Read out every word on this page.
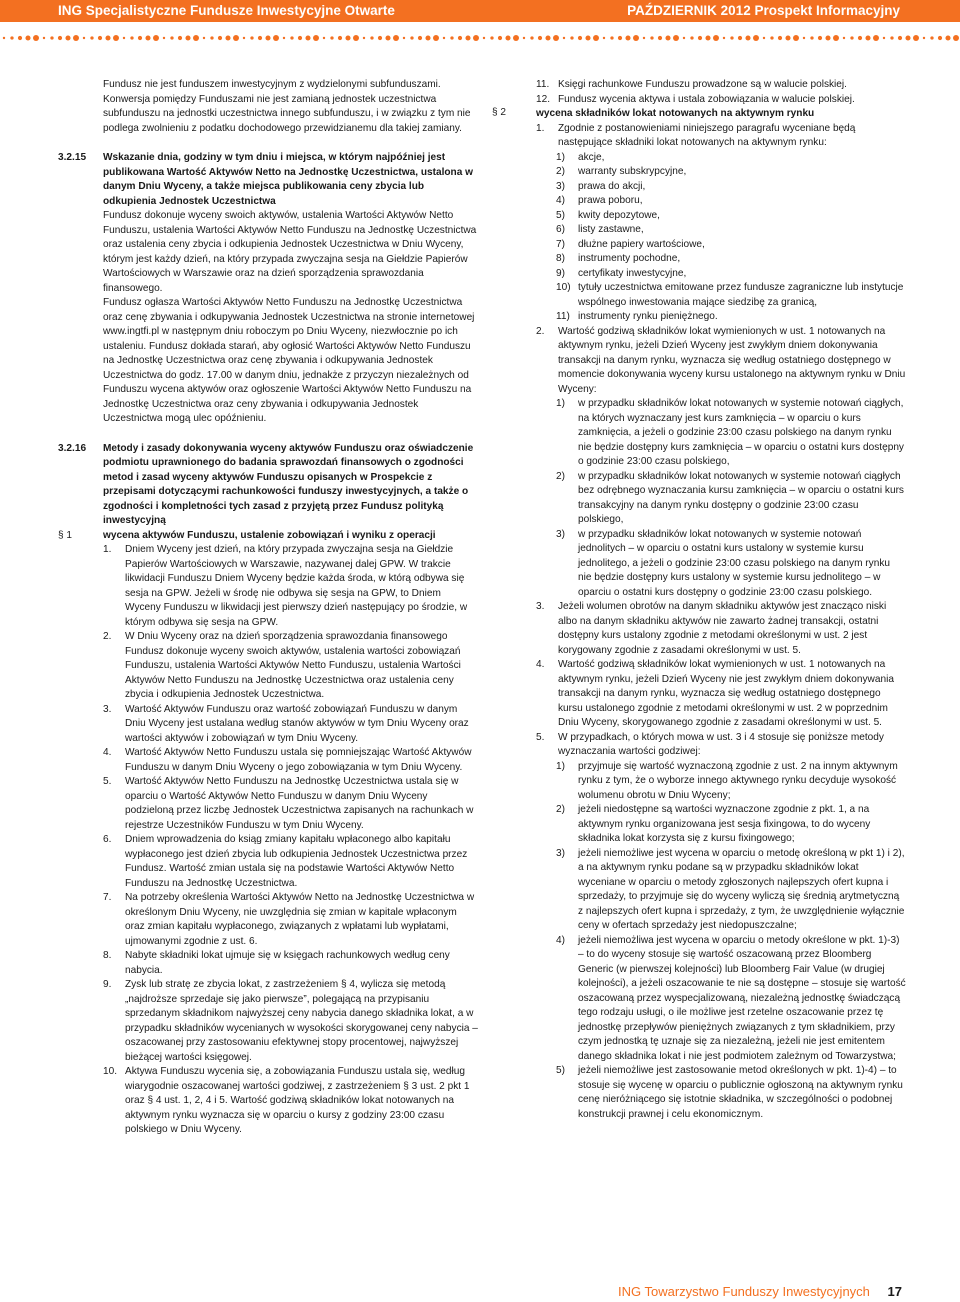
ING Specjalistyczne Fundusze Inwestycyjne Otwarte	PAŹDZIERNIK 2012 Prospekt Informacyjny
Fundusz nie jest funduszem inwestycyjnym z wydzielonymi subfunduszami. Konwersja pomiędzy Funduszami nie jest zamianą jednostek uczestnictwa subfunduszu na jednostki uczestnictwa innego subfunduszu, i w związku z tym nie podlega zwolnieniu z podatku dochodowego przewidzianemu dla takiej zamiany.
3.2.15	Wskazanie dnia, godziny w tym dniu i miejsca, w którym najpóźniej jest publikowana Wartość Aktywów Netto na Jednostkę Uczestnictwa, ustalona w danym Dniu Wyceny, a także miejsca publikowania ceny zbycia lub odkupienia Jednostek Uczestnictwa
Fundusz dokonuje wyceny swoich aktywów, ustalenia Wartości Aktywów Netto Funduszu, ustalenia Wartości Aktywów Netto Funduszu na Jednostkę Uczestnictwa oraz ustalenia ceny zbycia i odkupienia Jednostek Uczestnictwa w Dniu Wyceny, którym jest każdy dzień, na który przypada zwyczajna sesja na Giełdzie Papierów Wartościowych w Warszawie oraz na dzień sporządzenia sprawozdania finansowego.
Fundusz ogłasza Wartości Aktywów Netto Funduszu na Jednostkę Uczestnictwa oraz cenę zbywania i odkupywania Jednostek Uczestnictwa na stronie internetowej www.ingtfi.pl w następnym dniu roboczym po Dniu Wyceny, niezwłocznie po ich ustaleniu. Fundusz dokłada starań, aby ogłosić Wartości Aktywów Netto Funduszu na Jednostkę Uczestnictwa oraz cenę zbywania i odkupywania Jednostek Uczestnictwa do godz. 17.00 w danym dniu, jednakże z przyczyn niezależnych od Funduszu wycena aktywów oraz ogłoszenie Wartości Aktywów Netto Funduszu na Jednostkę Uczestnictwa oraz ceny zbywania i odkupywania Jednostek Uczestnictwa mogą ulec opóźnieniu.
3.2.16	Metody i zasady dokonywania wyceny aktywów Funduszu oraz oświadczenie podmiotu uprawnionego do badania sprawozdań finansowych o zgodności metod i zasad wyceny aktywów Funduszu opisanych w Prospekcie z przepisami dotyczącymi rachunkowości funduszy inwestycyjnych, a także o zgodności i kompletności tych zasad z przyjętą przez Fundusz polityką inwestycyjną
§ 1	wycena aktywów Funduszu, ustalenie zobowiązań i wyniku z operacji
1. Dniem Wyceny jest dzień, na który przypada zwyczajna sesja na Giełdzie Papierów Wartościowych w Warszawie, nazywanej dalej GPW. W trakcie likwidacji Funduszu Dniem Wyceny będzie każda środa, w którą odbywa się sesja na GPW. Jeżeli w środę nie odbywa się sesja na GPW, to Dniem Wyceny Funduszu w likwidacji jest pierwszy dzień następujący po środzie, w którym odbywa się sesja na GPW.
2. W Dniu Wyceny oraz na dzień sporządzenia sprawozdania finansowego Fundusz dokonuje wyceny swoich aktywów, ustalenia wartości zobowiązań Funduszu, ustalenia Wartości Aktywów Netto Funduszu, ustalenia Wartości Aktywów Netto Funduszu na Jednostkę Uczestnictwa oraz ustalenia ceny zbycia i odkupienia Jednostek Uczestnictwa.
3. Wartość Aktywów Funduszu oraz wartość zobowiązań Funduszu w danym Dniu Wyceny jest ustalana według stanów aktywów w tym Dniu Wyceny oraz wartości aktywów i zobowiązań w tym Dniu Wyceny.
4. Wartość Aktywów Netto Funduszu ustala się pomniejszając Wartość Aktywów Funduszu w danym Dniu Wyceny o jego zobowiązania w tym Dniu Wyceny.
5. Wartość Aktywów Netto Funduszu na Jednostkę Uczestnictwa ustala się w oparciu o Wartość Aktywów Netto Funduszu w danym Dniu Wyceny podzieloną przez liczbę Jednostek Uczestnictwa zapisanych na rachunkach w rejestrze Uczestników Funduszu w tym Dniu Wyceny.
6. Dniem wprowadzenia do ksiąg zmiany kapitału wpłaconego albo kapitału wypłaconego jest dzień zbycia lub odkupienia Jednostek Uczestnictwa przez Fundusz. Wartość zmian ustala się na podstawie Wartości Aktywów Netto Funduszu na Jednostkę Uczestnictwa.
7. Na potrzeby określenia Wartości Aktywów Netto na Jednostkę Uczestnictwa w określonym Dniu Wyceny, nie uwzględnia się zmian w kapitale wpłaconym oraz zmian kapitału wypłaconego, związanych z wpłatami lub wypłatami, ujmowanymi zgodnie z ust. 6.
8. Nabyte składniki lokat ujmuje się w księgach rachunkowych według ceny nabycia.
9. Zysk lub stratę ze zbycia lokat, z zastrzeżeniem § 4, wylicza się metodą „najdroższe sprzedaje się jako pierwsze”, polegającą na przypisaniu sprzedanym składnikom najwyższej ceny nabycia danego składnika lokat, a w przypadku składników wycenianych w wysokości skorygowanej ceny nabycia – oszacowanej przy zastosowaniu efektywnej stopy procentowej, najwyższej bieżącej wartości księgowej.
10. Aktywa Funduszu wycenia się, a zobowiązania Funduszu ustala się, według wiarygodnie oszacowanej wartości godziwej, z zastrzeżeniem § 3 ust. 2 pkt 1 oraz § 4 ust. 1, 2, 4 i 5. Wartość godziwą składników lokat notowanych na aktywnym rynku wyznacza się w oparciu o kursy z godziny 23:00 czasu polskiego w Dniu Wyceny.
§ 2
11. Księgi rachunkowe Funduszu prowadzone są w walucie polskiej.
12. Fundusz wycenia aktywa i ustala zobowiązania w walucie polskiej.
wycena składników lokat notowanych na aktywnym rynku
1. Zgodnie z postanowieniami niniejszego paragrafu wyceniane będą następujące składniki lokat notowanych na aktywnym rynku:
1) akcje,
2) warranty subskrypcyjne,
3) prawa do akcji,
4) prawa poboru,
5) kwity depozytowe,
6) listy zastawne,
7) dłużne papiery wartościowe,
8) instrumenty pochodne,
9) certyfikaty inwestycyjne,
10) tytuły uczestnictwa emitowane przez fundusze zagraniczne lub instytucje wspólnego inwestowania mające siedzibę za granicą,
11) instrumenty rynku pieniężnego.
2. Wartość godziwą składników lokat wymienionych w ust. 1 notowanych na aktywnym rynku, jeżeli Dzień Wyceny jest zwykłym dniem dokonywania transakcji na danym rynku, wyznacza się według ostatniego dostępnego w momencie dokonywania wyceny kursu ustalonego na aktywnym rynku w Dniu Wyceny:
1) w przypadku składników lokat notowanych w systemie notowań ciągłych, na których wyznaczany jest kurs zamknięcia – w oparciu o kurs zamknięcia, a jeżeli o godzinie 23:00 czasu polskiego na danym rynku nie będzie dostępny kurs zamknięcia – w oparciu o ostatni kurs dostępny o godzinie 23:00 czasu polskiego,
2) w przypadku składników lokat notowanych w systemie notowań ciągłych bez odrębnego wyznaczania kursu zamknięcia – w oparciu o ostatni kurs transakcyjny na danym rynku dostępny o godzinie 23:00 czasu polskiego,
3) w przypadku składników lokat notowanych w systemie notowań jednolitych – w oparciu o ostatni kurs ustalony w systemie kursu jednolitego, a jeżeli o godzinie 23:00 czasu polskiego na danym rynku nie będzie dostępny kurs ustalony w systemie kursu jednolitego – w oparciu o ostatni kurs dostępny o godzinie 23:00 czasu polskiego.
3. Jeżeli wolumen obrotów na danym składniku aktywów jest znacząco niski albo na danym składniku aktywów nie zawarto żadnej transakcji, ostatni dostępny kurs ustalony zgodnie z metodami określonymi w ust. 2 jest korygowany zgodnie z zasadami określonymi w ust. 5.
4. Wartość godziwą składników lokat wymienionych w ust. 1 notowanych na aktywnym rynku, jeżeli Dzień Wyceny nie jest zwykłym dniem dokonywania transakcji na danym rynku, wyznacza się według ostatniego dostępnego kursu ustalonego zgodnie z metodami określonymi w ust. 2 w poprzednim Dniu Wyceny, skorygowanego zgodnie z zasadami określonymi w ust. 5.
5. W przypadkach, o których mowa w ust. 3 i 4 stosuje się poniższe metody wyznaczania wartości godziwej:
1) przyjmuje się wartość wyznaczoną zgodnie z ust. 2 na innym aktywnym rynku z tym, że o wyborze innego aktywnego rynku decyduje wysokość wolumenu obrotu w Dniu Wyceny;
2) jeżeli niedostępne są wartości wyznaczone zgodnie z pkt. 1, a na aktywnym rynku organizowana jest sesja fixingowa, to do wyceny składnika lokat korzysta się z kursu fixingowego;
3) jeżeli niemożliwe jest wycena w oparciu o metodę określoną w pkt 1) i 2), a na aktywnym rynku podane są w przypadku składników lokat wyceniane w oparciu o metody zgłoszonych najlepszych ofert kupna i sprzedaży, to przyjmuje się do wyceny wyliczą się średnią arytmetyczną z najlepszych ofert kupna i sprzedaży, z tym, że uwzględnienie wyłącznie ceny w ofertach sprzedaży jest niedopuszczalne;
4) jeżeli niemożliwa jest wycena w oparciu o metody określone w pkt. 1)-3) – to do wyceny stosuje się wartość oszacowaną przez Bloomberg Generic (w pierwszej kolejności) lub Bloomberg Fair Value (w drugiej kolejności), a jeżeli oszacowanie te nie są dostępne – stosuje się wartość oszacowaną przez wyspecjalizowaną, niezależną jednostkę świadczącą tego rodzaju usługi, o ile możliwe jest rzetelne oszacowanie przez tę jednostkę przepływów pieniężnych związanych z tym składnikiem, przy czym jednostką tę uznaje się za niezależną, jeżeli nie jest emitentem danego składnika lokat i nie jest podmiotem zależnym od Towarzystwa;
5) jeżeli niemożliwe jest zastosowanie metod określonych w pkt. 1)-4) – to stosuje się wycenę w oparciu o publicznie ogłoszoną na aktywnym rynku cenę nieróżniącego się istotnie składnika, w szczególności o podobnej konstrukcji prawnej i celu ekonomicznym.
ING Towarzystwo Funduszy Inwestycyjnych 17
